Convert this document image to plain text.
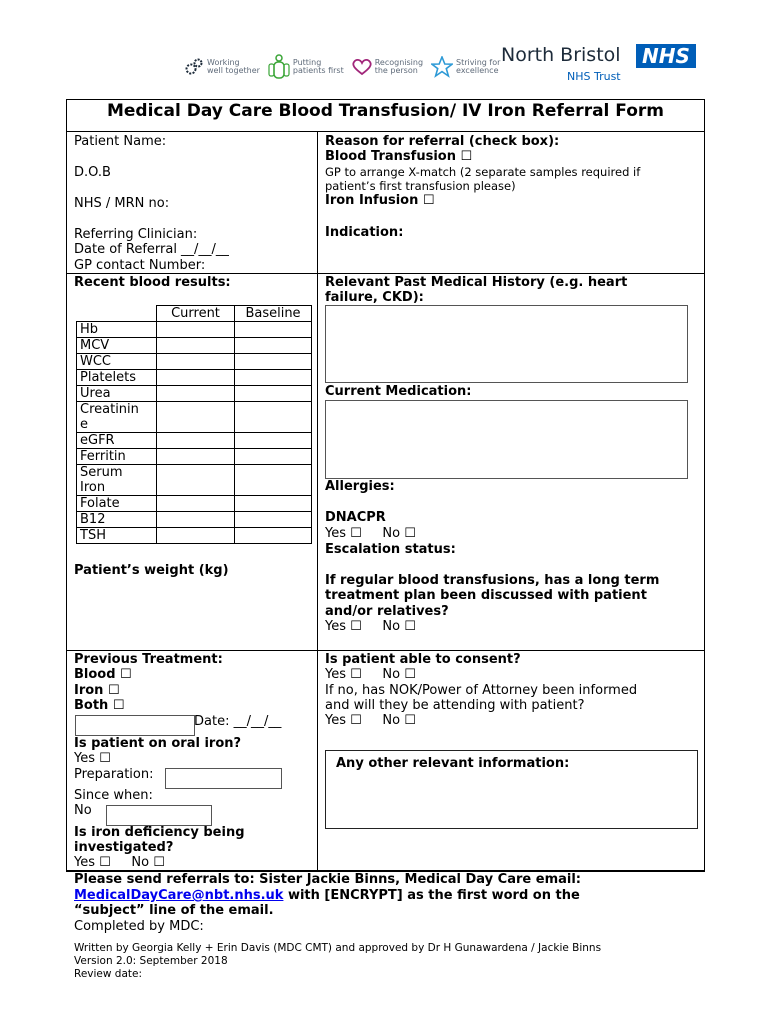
Working
well together
Putting
patients first
Recognising
the person
Striving for
excellence
North Bristol	NHS
NHS Trust
Medical Day Care Blood Transfusion/ IV Iron Referral Form
Patient Name:
D.O.B
NHS / MRN no:
Referring Clinician:
Date of Referral __/__/__
GP contact Number:
Reason for referral (check box):
Blood Transfusion ☐
GP to arrange X-match (2 separate samples required if
patient’s first transfusion please)
Iron Infusion ☐
Indication:
Recent blood results:
	Current	Baseline
Hb		
MCV		
WCC		
Platelets		
Urea		
Creatinin
e		
eGFR		
Ferritin		
Serum
Iron		
Folate		
B12		
TSH		
Patient’s weight (kg)
Relevant Past Medical History (e.g. heart
failure, CKD):
Current Medication:
Allergies:
DNACPR
Yes ☐     No ☐
Escalation status:
If regular blood transfusions, has a long term
treatment plan been discussed with patient
and/or relatives?
Yes ☐     No ☐
Previous Treatment:
Blood ☐
Iron ☐
Both ☐
Date: __/__/__
Is patient on oral iron?
Yes ☐
Preparation:
Since when:
No
Is iron deficiency being
investigated?
Yes ☐     No ☐
Is patient able to consent?
Yes ☐     No ☐
If no, has NOK/Power of Attorney been informed
and will they be attending with patient?
Yes ☐     No ☐
Any other relevant information:
Please send referrals to: Sister Jackie Binns, Medical Day Care email:
MedicalDayCare@nbt.nhs.uk with [ENCRYPT] as the first word on the
“subject” line of the email.
Completed by MDC:
Written by Georgia Kelly + Erin Davis (MDC CMT) and approved by Dr H Gunawardena / Jackie Binns
Version 2.0: September 2018
Review date:
